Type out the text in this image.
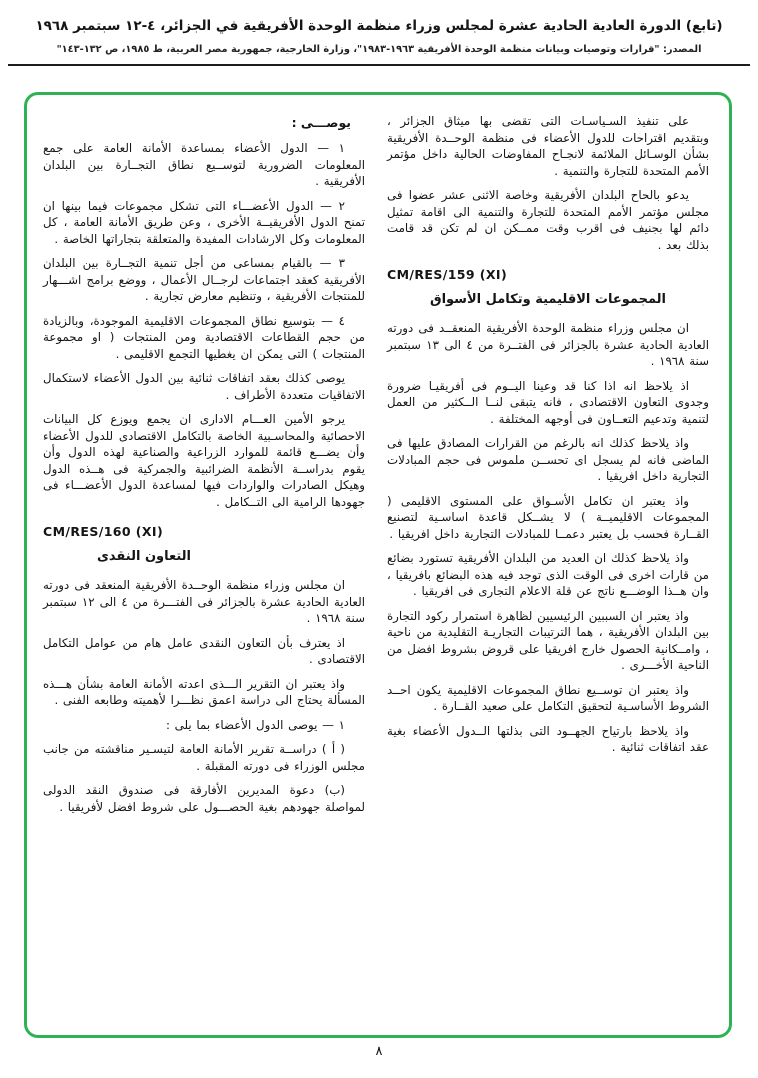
(تابع) الدورة العادية الحادية عشرة لمجلس وزراء منظمة الوحدة الأفريقية في الجزائر، ٤-١٢ سبتمبر ١٩٦٨
المصدر: "قرارات وتوصيات وبيانات منظمة الوحدة الأفريقية ١٩٦٣-١٩٨٣"، وزارة الخارجية، جمهورية مصر العربية، ط ١٩٨٥، ص ١٣٢-١٤٣"

على تنفيذ السـياسـات التى تقضى بها ميثاق الجزائر ، وبتقديم اقتراحات للدول الأعضاء فى منظمة الوحــدة الأفريقية بشأن الوسـائل الملائمة لانجـاح المفاوضات الحالية داخل مؤتمر الأمم المتحدة للتجارة والتنمية .

يدعو بالحاح البلدان الأفريقية وخاصة الاثنى عشر عضوا فى مجلس مؤتمر الأمم المتحدة للتجارة والتنمية الى اقامة تمثيل دائم لها بجنيف فى اقرب وقت ممــكن ان لم تكن قد قامت بذلك بعد .

CM/RES/159 (XI)
المجموعات الاقليمية وتكامل الأسواق

ان مجلس وزراء منظمة الوحدة الأفريقية المنعقــد فى دورته العادية الحادية عشرة بالجزائر فى الفتــرة من ٤ الى ١٣ سبتمبر سنة ١٩٦٨ .

اذ يلاحظ انه اذا كنا قد وعينا اليــوم فى أفريقيـا ضرورة وجدوى التعاون الاقتصادى ، فانه يتبقى لنــا الــكثير من العمل لتنمية وتدعيم التعــاون فى أوجهه المختلفة .

واذ يلاحظ كذلك انه بالرغم من القرارات المصادق عليها فى الماضى فانه لم يسجل اى تحســن ملموس فى حجم المبادلات التجارية داخل افريقيا .

واذ يعتبر ان تكامل الأسـواق على المستوى الاقليمى ( المجموعات الاقليميــة ) لا يشــكل قاعدة اساسـية لتصنيع القــارة فحسب بل يعتبر دعمــا للمبادلات التجارية داخل افريقيا .

واذ يلاحظ كذلك ان العديد من البلدان الأفريقية تستورد بضائع من قارات اخرى فى الوقت الذى توجد فيه هذه البضائع بافريقيا ، وان هــذا الوضـــع ناتج عن قلة الاعلام التجارى فى افريقيا .

واذ يعتبر ان السببين الرئيسيين لظاهرة استمرار ركود التجارة بين البلدان الأفريقية ، هما الترتيبات التجاريـة التقليدية من ناحية ، وامــكانية الحصول خارج افريقيا على قروض بشروط افضل من الناحية الأخـــرى .

واذ يعتبر ان توســيع نطاق المجموعات الاقليمية يكون احــد الشروط الأساسـية لتحقيق التكامل على صعيد القــارة .

واذ يلاحظ بارتياح الجهــود التى بذلتها الــدول الأعضاء بغية عقد اتفاقات ثنائية .

يوصـــى :

١ — الدول الأعضاء بمساعدة الأمانة العامة على جمع المعلومات الضرورية لتوســيع نطاق التجــارة بين البلدان الأفريقية .

٢ — الدول الأعضـــاء التى تشكل مجموعات فيما بينها ان تمنح الدول الأفريقيــة الأخرى ، وعن طريق الأمانة العامة ، كل المعلومات وكل الارشادات المفيدة والمتعلقة بتجاراتها الخاصة .

٣ — بالقيام بمساعى من أجل تنمية التجــارة بين البلدان الأفريقية كعقد اجتماعات لرجــال الأعمال ، ووضع برامج اشـــهار للمنتجات الأفريقية ، وتنظيم معارض تجارية .

٤ — بتوسيع نطاق المجموعات الاقليمية الموجودة، وبالزيادة من حجم القطاعات الاقتصادية ومن المنتجات ( او مجموعة المنتجات ) التى يمكن ان يغطيها التجمع الاقليمى .

يوصى كذلك بعقد اتفاقات ثنائية بين الدول الأعضاء لاستكمال الاتفاقيات متعددة الأطراف .

يرجو الأمين العـــام الادارى ان يجمع ويوزع كل البيانات الاحصائية والمحاسـبية الخاصة بالتكامل الاقتصادى للدول الأعضاء وأن يضـــع قائمة للموارد الزراعية والصناعية لهذه الدول وأن يقوم بدراســة الأنظمة الضرائبية والجمركية فى هــذه الدول وهيكل الصادرات والواردات فيها لمساعدة الدول الأعضـــاء فى جهودها الرامية الى التــكامل .

CM/RES/160 (XI)
التعاون النقدى

ان مجلس وزراء منظمة الوحــدة الأفريقية المنعقد فى دورته العادية الحادية عشرة بالجزائر فى الفتـــرة من ٤ الى ١٢ سبتمبر سنة ١٩٦٨ .

اذ يعترف بأن التعاون النقدى عامل هام من عوامل التكامل الاقتصادى .

واذ يعتبر ان التقرير الـــذى اعدته الأمانة العامة بشأن هـــذه المسألة يحتاج الى دراسة اعمق نظـــرا لأهميته وطابعه الفنى .

١ — يوصى الدول الأعضاء بما يلى :

( أ ) دراســة تقرير الأمانة العامة لتيسـير مناقشته من جانب مجلس الوزراء فى دورته المقبلة .

(ب) دعوة المديرين الأفارقة فى صندوق النقد الدولى لمواصلة جهودهم بغية الحصـــول على شروط افضل لأفريقيا .

٨
